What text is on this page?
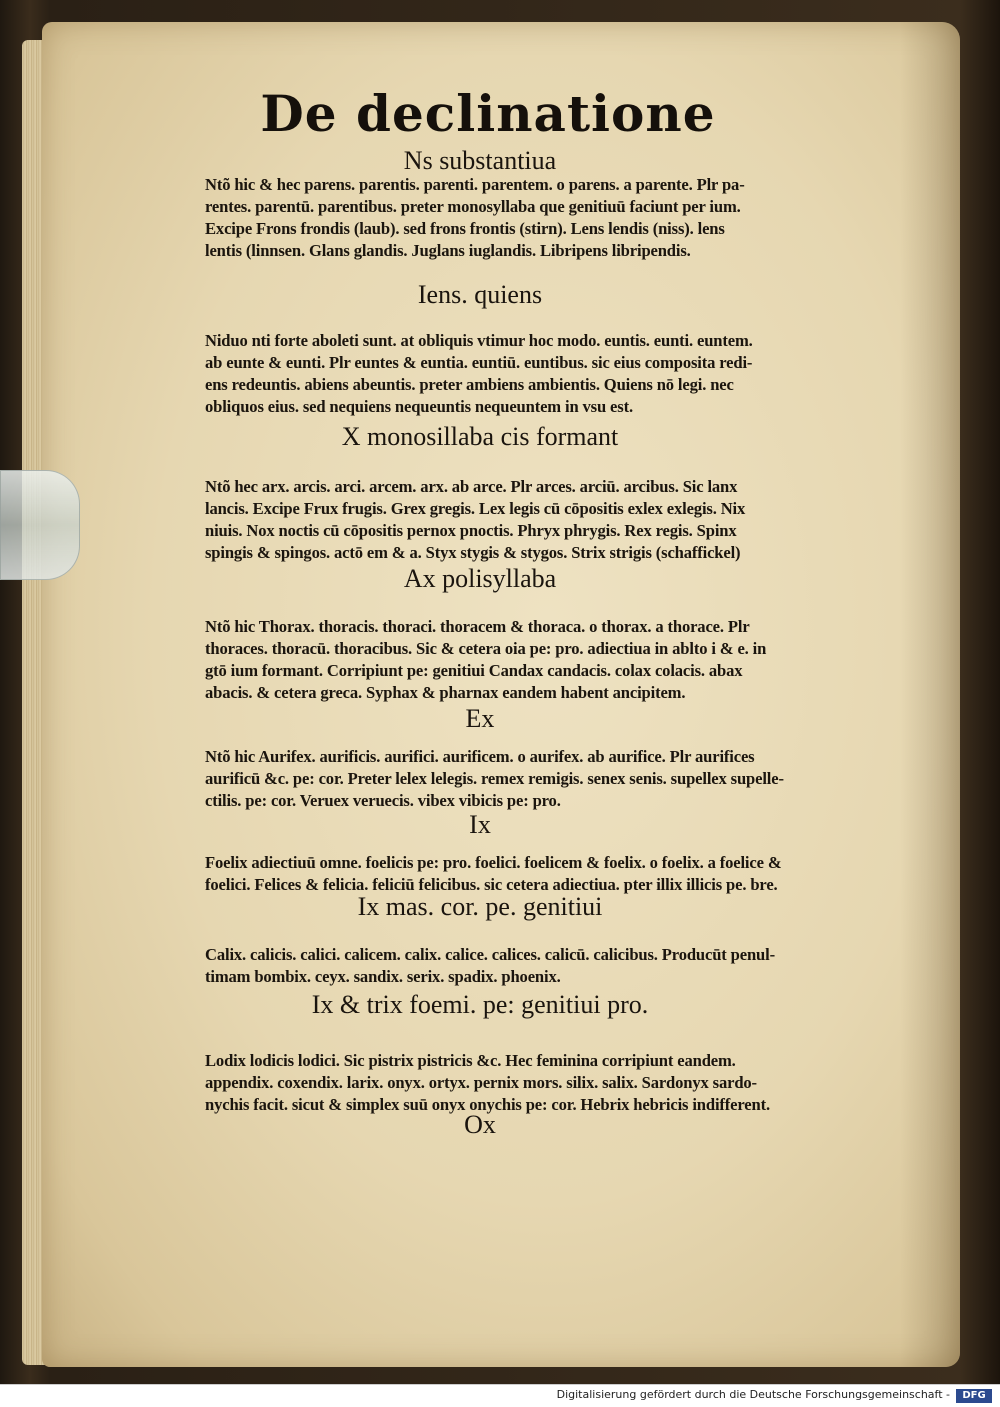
De declinatione
Ns substantiua
Ntõ hic & hec parens. parentis. parenti. parentem. o parens. a parente. Plr pa-
rentes. parentū. parentibus. preter monosyllaba que genitiuū faciunt per ium.
Excipe Frons frondis (laub). sed frons frontis (stirn). Lens lendis (niss). lens
lentis (linnsen. Glans glandis. Juglans iuglandis. Libripens libripendis.
Iens. quiens
Niduo nti forte aboleti sunt. at obliquis vtimur hoc modo. euntis. eunti. euntem.
ab eunte & eunti. Plr euntes & euntia. euntiū. euntibus. sic eius composita redi-
ens redeuntis. abiens abeuntis. preter ambiens ambientis. Quiens nō legi. nec
obliquos eius. sed nequiens nequeuntis nequeuntem in vsu est.
X monosillaba cis formant
Ntõ hec arx. arcis. arci. arcem. arx. ab arce. Plr arces. arciū. arcibus. Sic lanx
lancis. Excipe Frux frugis. Grex gregis. Lex legis cū cōpositis exlex exlegis. Nix
niuis. Nox noctis cū cōpositis pernox pnoctis. Phryx phrygis. Rex regis. Spinx
spingis & spingos. actō em & a. Styx stygis & stygos. Strix strigis (schaffickel)
Ax polisyllaba
Ntõ hic Thorax. thoracis. thoraci. thoracem & thoraca. o thorax. a thorace. Plr
thoraces. thoracū. thoracibus. Sic & cetera oia pe: pro. adiectiua in ablto i & e. in
gtō ium formant. Corripiunt pe: genitiui Candax candacis. colax colacis. abax
abacis. & cetera greca. Syphax & pharnax eandem habent ancipitem.
Ex
Ntõ hic Aurifex. aurificis. aurifici. aurificem. o aurifex. ab aurifice. Plr aurifices
aurificū &c. pe: cor. Preter lelex lelegis. remex remigis. senex senis. supellex supelle-
ctilis. pe: cor. Veruex veruecis. vibex vibicis pe: pro.
Ix
Foelix adiectiuū omne. foelicis pe: pro. foelici. foelicem & foelix. o foelix. a foelice &
foelici. Felices & felicia. feliciū felicibus. sic cetera adiectiua. pter illix illicis pe. bre.
Ix mas. cor. pe. genitiui
Calix. calicis. calici. calicem. calix. calice. calices. calicū. calicibus. Producūt penul-
timam bombix. ceyx. sandix. serix. spadix. phoenix.
Ix & trix foemi. pe: genitiui pro.
Lodix lodicis lodici. Sic pistrix pistricis &c. Hec feminina corripiunt eandem.
appendix. coxendix. larix. onyx. ortyx. pernix mors. silix. salix. Sardonyx sardo-
nychis facit. sicut & simplex suū onyx onychis pe: cor. Hebrix hebricis indifferent.
Ox
Digitalisierung gefördert durch die Deutsche Forschungsgemeinschaft -	DFG
